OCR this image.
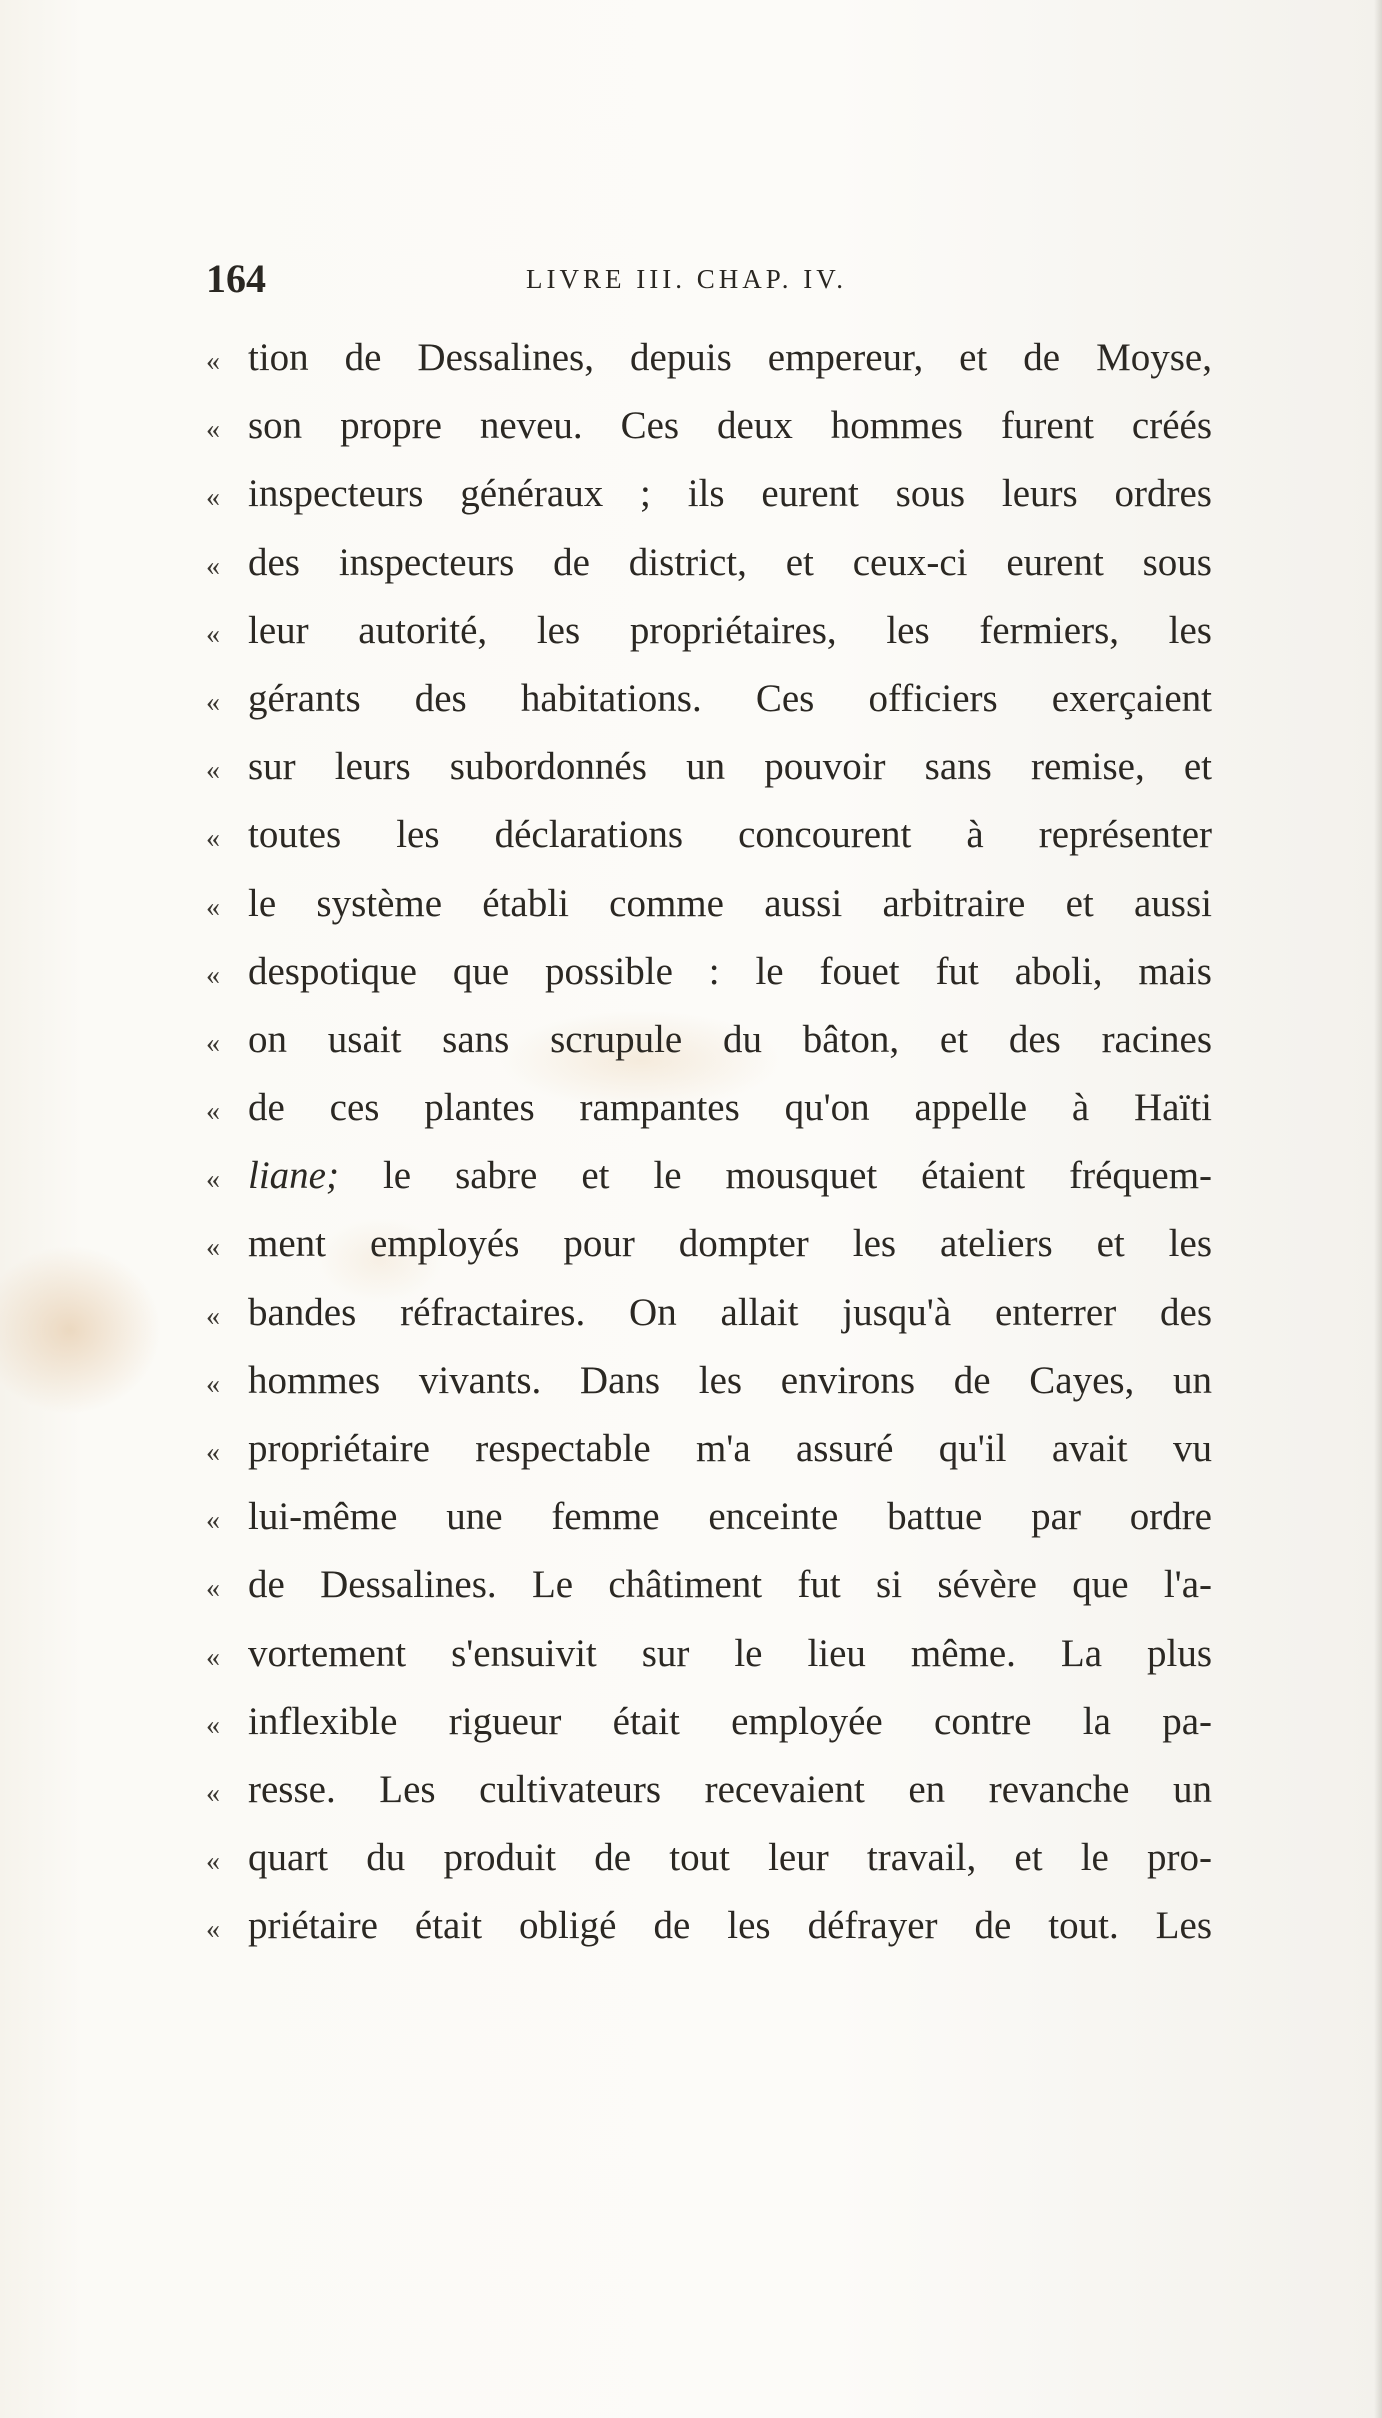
164	LIVRE III. CHAP. IV.
« tion de Dessalines, depuis empereur, et de Moyse,
« son propre neveu. Ces deux hommes furent créés
« inspecteurs généraux ; ils eurent sous leurs ordres
« des inspecteurs de district, et ceux-ci eurent sous
« leur autorité, les propriétaires, les fermiers, les
« gérants des habitations. Ces officiers exerçaient
« sur leurs subordonnés un pouvoir sans remise, et
« toutes les déclarations concourent à représenter
« le système établi comme aussi arbitraire et aussi
« despotique que possible : le fouet fut aboli, mais
« on usait sans scrupule du bâton, et des racines
« de ces plantes rampantes qu'on appelle à Haïti
« liane; le sabre et le mousquet étaient fréquem-
« ment employés pour dompter les ateliers et les
« bandes réfractaires. On allait jusqu'à enterrer des
« hommes vivants. Dans les environs de Cayes, un
« propriétaire respectable m'a assuré qu'il avait vu
« lui-même une femme enceinte battue par ordre
« de Dessalines. Le châtiment fut si sévère que l'a-
« vortement s'ensuivit sur le lieu même. La plus
« inflexible rigueur était employée contre la pa-
« resse. Les cultivateurs recevaient en revanche un
« quart du produit de tout leur travail, et le pro-
« priétaire était obligé de les défrayer de tout. Les
